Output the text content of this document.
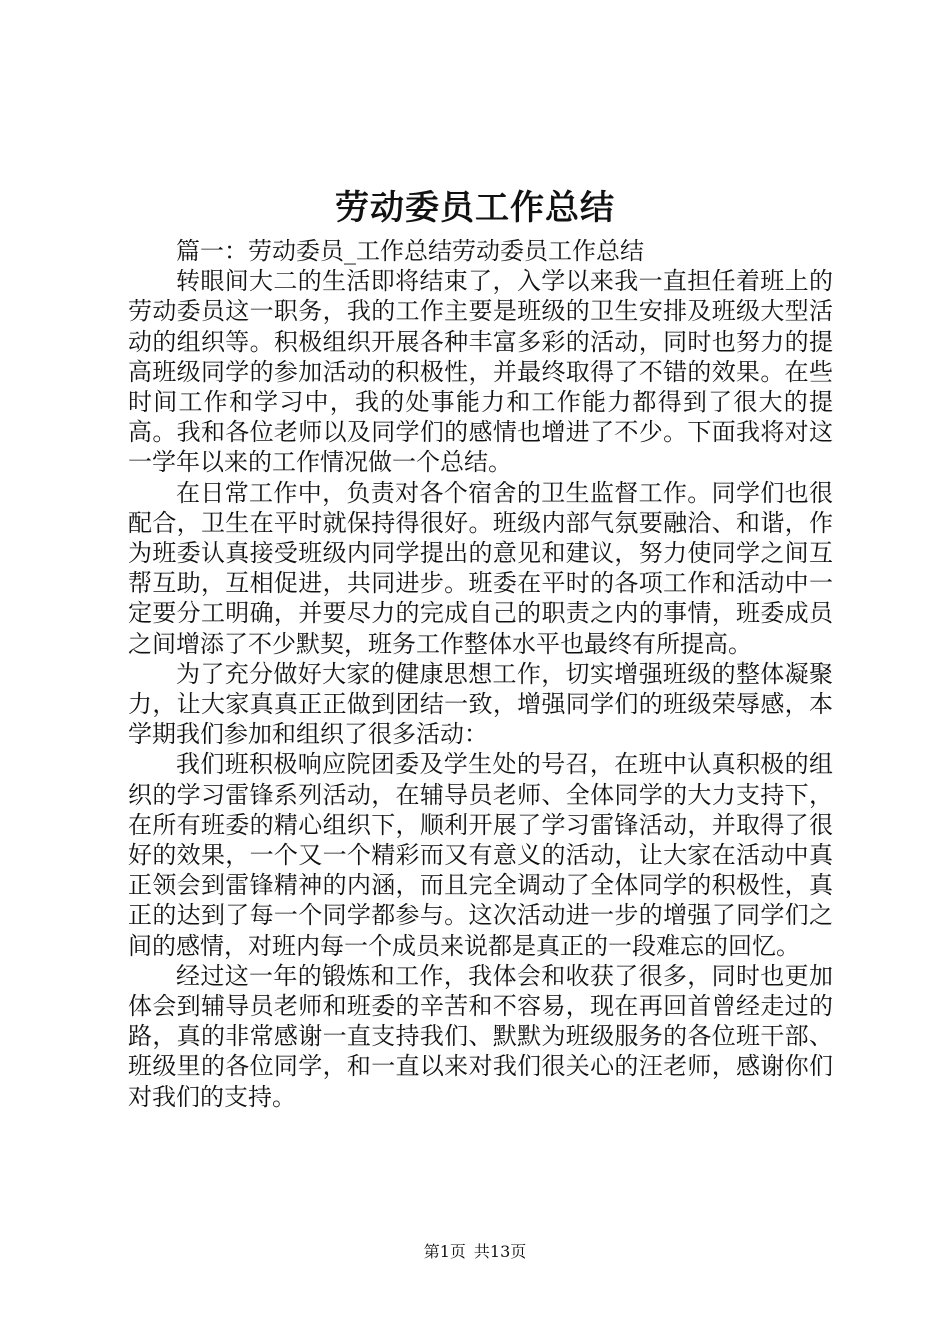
劳动委员工作总结

篇一：劳动委员_工作总结劳动委员工作总结

转眼间大二的生活即将结束了，入学以来我一直担任着班上的劳动委员这一职务，我的工作主要是班级的卫生安排及班级大型活动的组织等。积极组织开展各种丰富多彩的活动，同时也努力的提高班级同学的参加活动的积极性，并最终取得了不错的效果。在些时间工作和学习中，我的处事能力和工作能力都得到了很大的提高。我和各位老师以及同学们的感情也增进了不少。下面我将对这一学年以来的工作情况做一个总结。

在日常工作中，负责对各个宿舍的卫生监督工作。同学们也很配合，卫生在平时就保持得很好。班级内部气氛要融洽、和谐，作为班委认真接受班级内同学提出的意见和建议，努力使同学之间互帮互助，互相促进，共同进步。班委在平时的各项工作和活动中一定要分工明确，并要尽力的完成自己的职责之内的事情，班委成员之间增添了不少默契，班务工作整体水平也最终有所提高。

为了充分做好大家的健康思想工作，切实增强班级的整体凝聚力，让大家真真正正做到团结一致，增强同学们的班级荣辱感，本学期我们参加和组织了很多活动：

我们班积极响应院团委及学生处的号召，在班中认真积极的组织的学习雷锋系列活动，在辅导员老师、全体同学的大力支持下，在所有班委的精心组织下，顺利开展了学习雷锋活动，并取得了很好的效果，一个又一个精彩而又有意义的活动，让大家在活动中真正领会到雷锋精神的内涵，而且完全调动了全体同学的积极性，真正的达到了每一个同学都参与。这次活动进一步的增强了同学们之间的感情，对班内每一个成员来说都是真正的一段难忘的回忆。

经过这一年的锻炼和工作，我体会和收获了很多，同时也更加体会到辅导员老师和班委的辛苦和不容易，现在再回首曾经走过的路，真的非常感谢一直支持我们、默默为班级服务的各位班干部、班级里的各位同学，和一直以来对我们很关心的汪老师，感谢你们对我们的支持。

第1页 共13页
